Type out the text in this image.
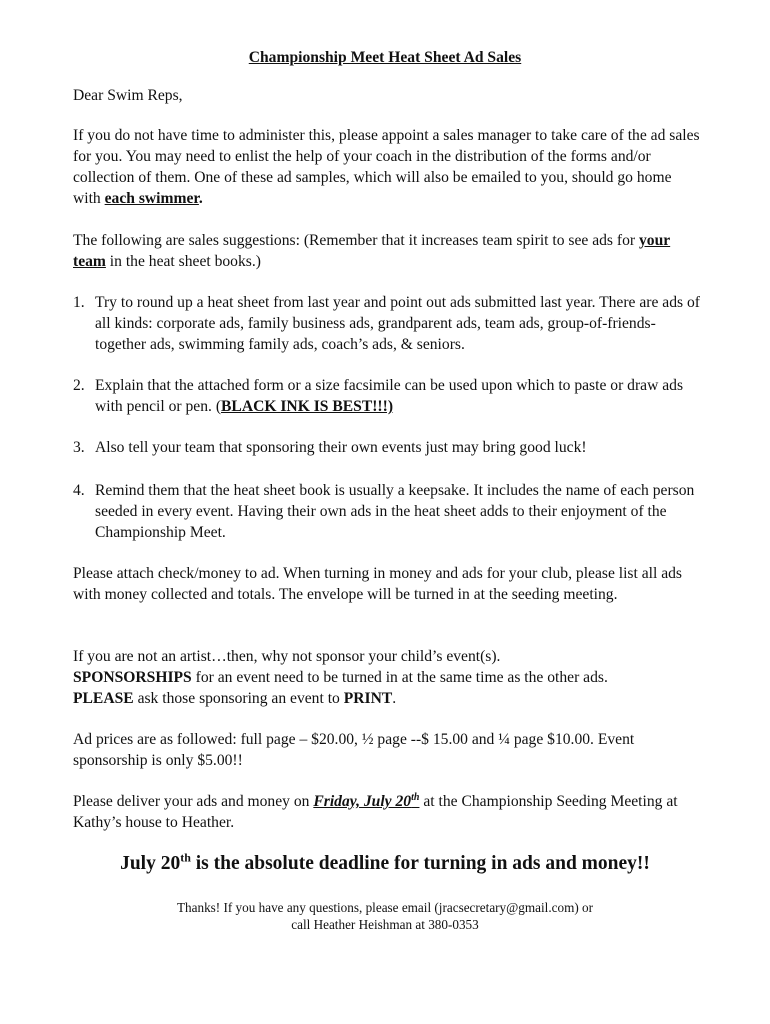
Championship Meet Heat Sheet Ad Sales

Dear Swim Reps,

If you do not have time to administer this, please appoint a sales manager to take care of the ad sales for you. You may need to enlist the help of your coach in the distribution of the forms and/or collection of them. One of these ad samples, which will also be emailed to you, should go home with each swimmer.

The following are sales suggestions: (Remember that it increases team spirit to see ads for your team in the heat sheet books.)

1. Try to round up a heat sheet from last year and point out ads submitted last year. There are ads of all kinds: corporate ads, family business ads, grandparent ads, team ads, group-of-friends-together ads, swimming family ads, coach’s ads, & seniors.
2. Explain that the attached form or a size facsimile can be used upon which to paste or draw ads with pencil or pen. (BLACK INK IS BEST!!!)
3. Also tell your team that sponsoring their own events just may bring good luck!
4. Remind them that the heat sheet book is usually a keepsake. It includes the name of each person seeded in every event. Having their own ads in the heat sheet adds to their enjoyment of the Championship Meet.

Please attach check/money to ad. When turning in money and ads for your club, please list all ads with money collected and totals. The envelope will be turned in at the seeding meeting.

If you are not an artist…then, why not sponsor your child’s event(s).
SPONSORSHIPS for an event need to be turned in at the same time as the other ads.
PLEASE ask those sponsoring an event to PRINT.

Ad prices are as followed: full page – $20.00, ½ page --$ 15.00 and ¼ page $10.00. Event sponsorship is only $5.00!!

Please deliver your ads and money on Friday, July 20th at the Championship Seeding Meeting at Kathy’s house to Heather.

July 20th is the absolute deadline for turning in ads and money!!
Thanks! If you have any questions, please email (jracsecretary@gmail.com) or
call Heather Heishman at 380-0353
